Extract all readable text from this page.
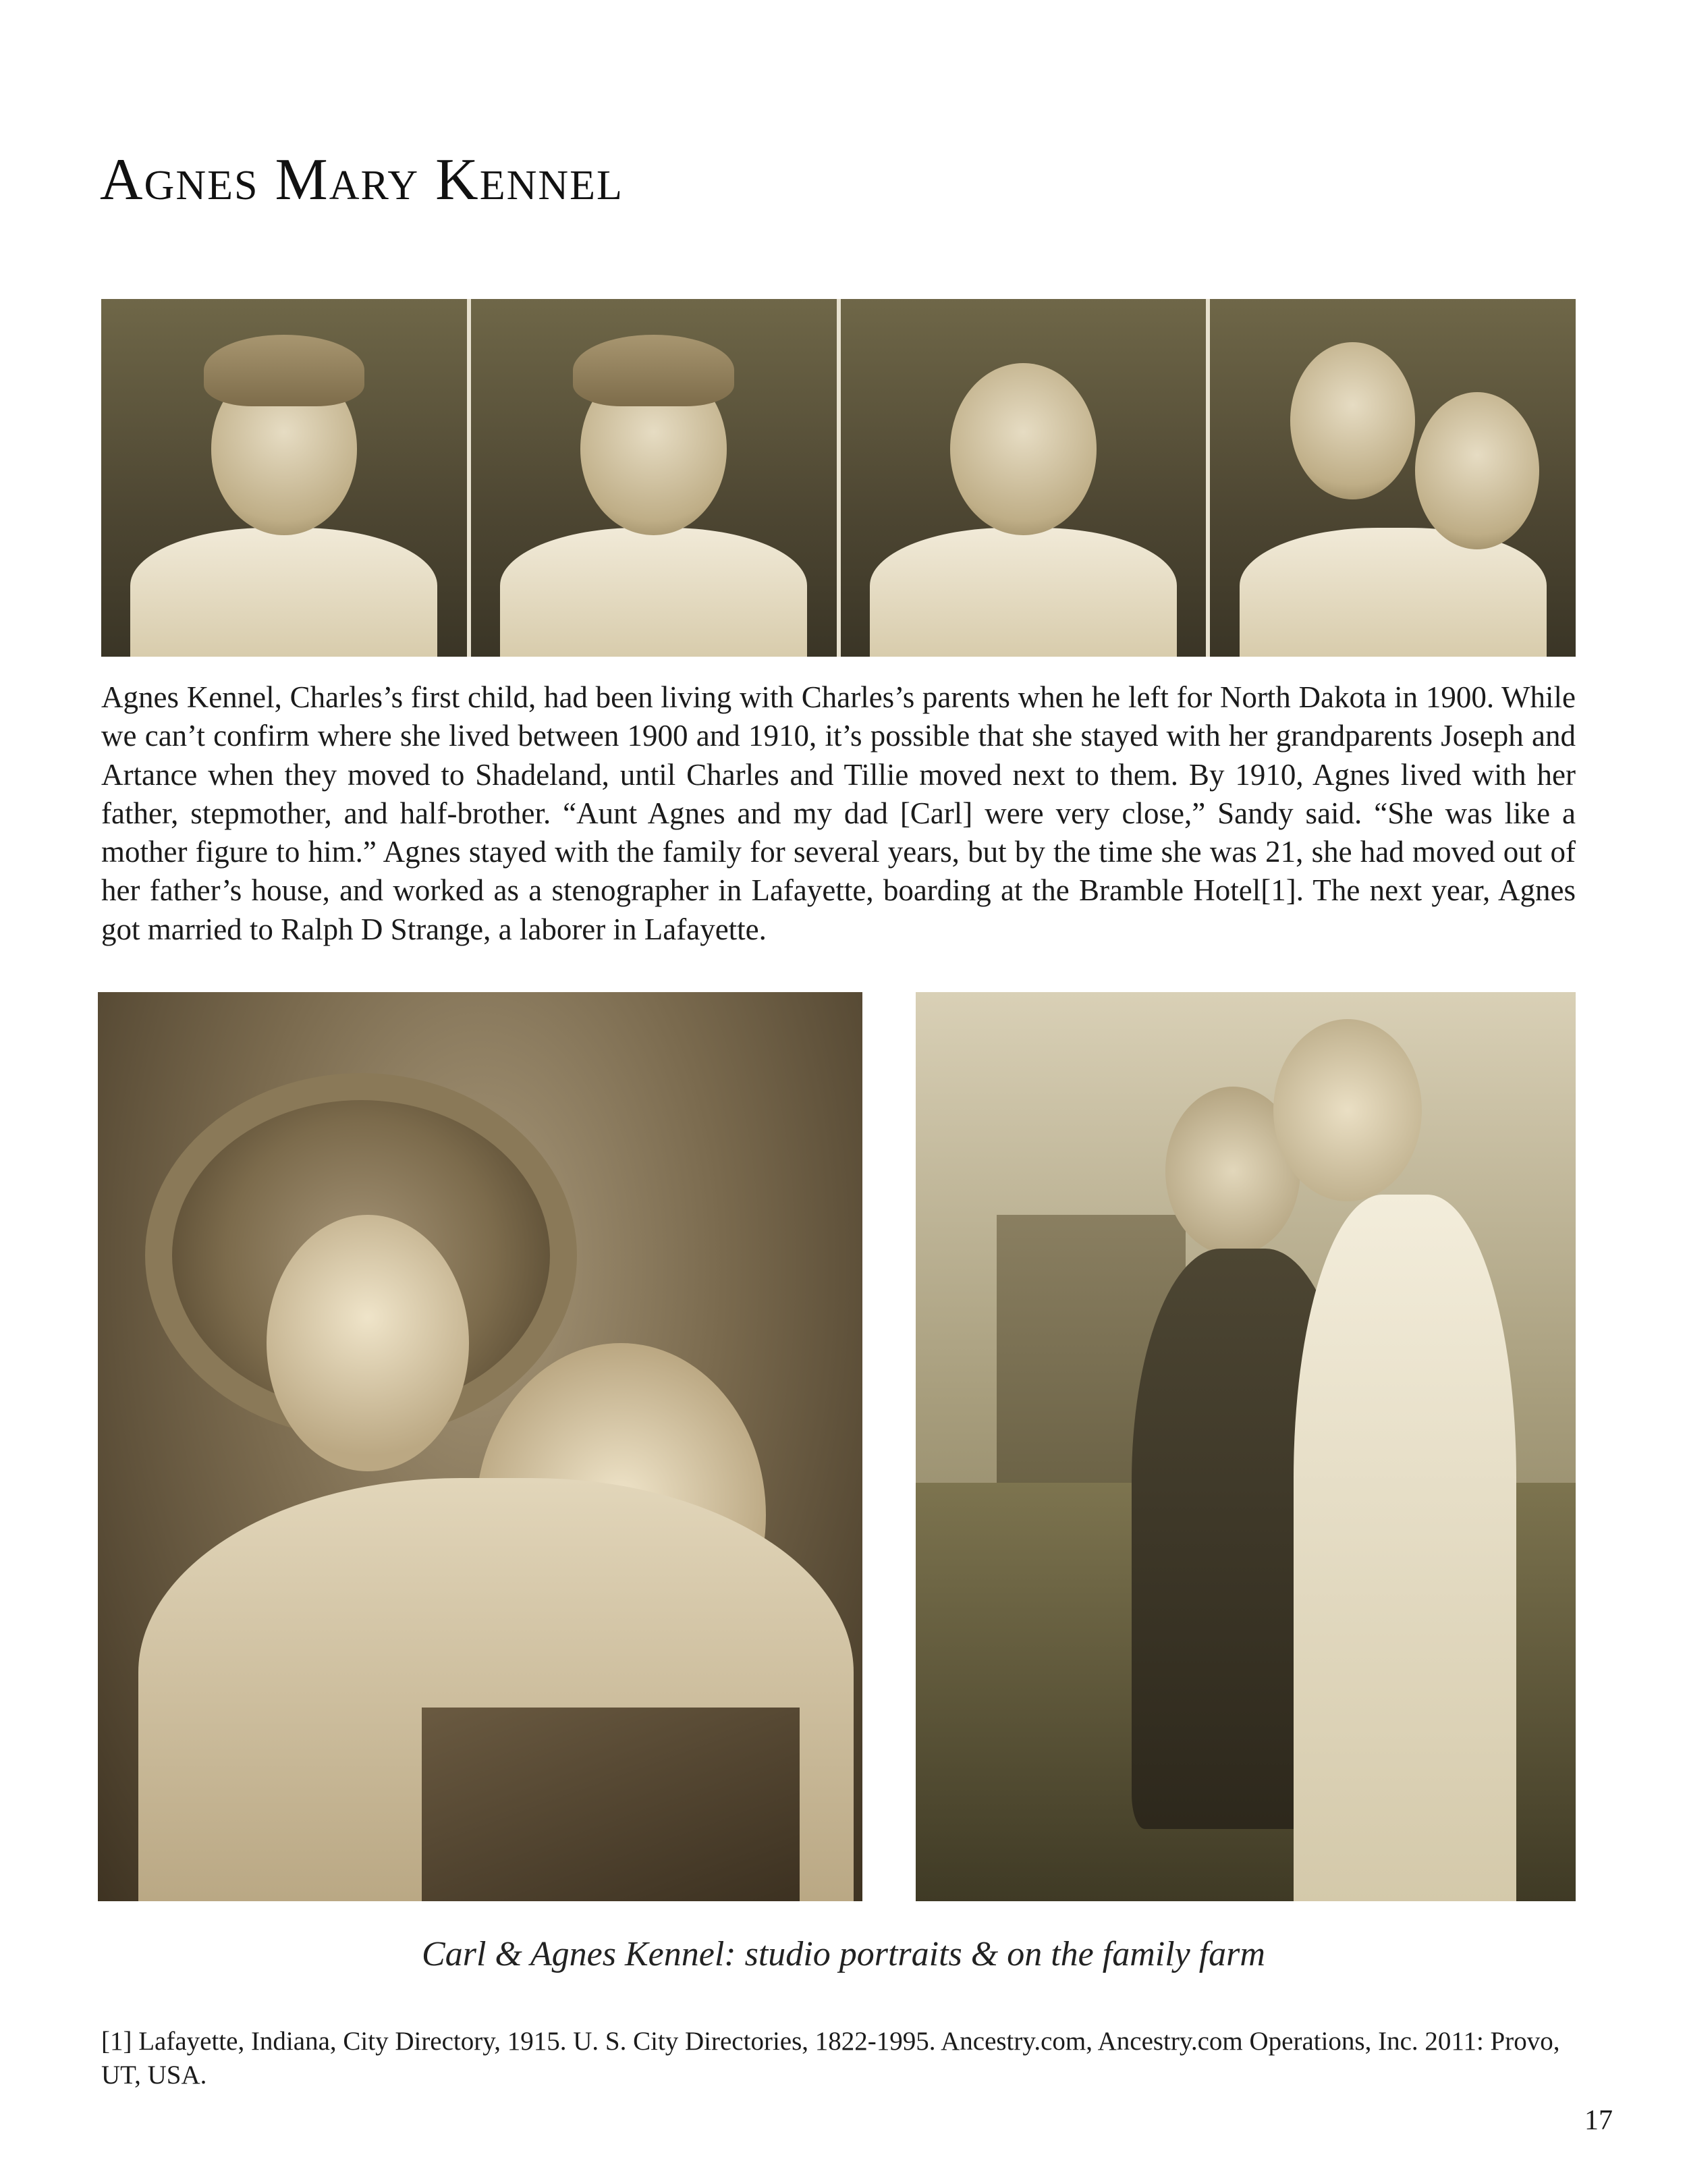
Agnes Mary Kennel

Agnes Kennel, Charles’s first child, had been living with Charles’s parents when he left for North Dakota in 1900. While we can’t confirm where she lived between 1900 and 1910, it’s possible that she stayed with her grandparents Joseph and Artance when they moved to Shadeland, until Charles and Tillie moved next to them. By 1910, Agnes lived with her father, stepmother, and half-brother. “Aunt Agnes and my dad [Carl] were very close,” Sandy said. “She was like a mother figure to him.” Agnes stayed with the family for several years, but by the time she was 21, she had moved out of her father’s house, and worked as a stenographer in Lafayette, boarding at the Bramble Hotel[1]. The next year, Agnes got married to Ralph D Strange, a laborer in Lafayette.

Carl & Agnes Kennel: studio portraits & on the family farm

[1] Lafayette, Indiana, City Directory, 1915. U. S. City Directories, 1822-1995. Ancestry.com, Ancestry.com Operations, Inc. 2011: Provo, UT, USA.

17
